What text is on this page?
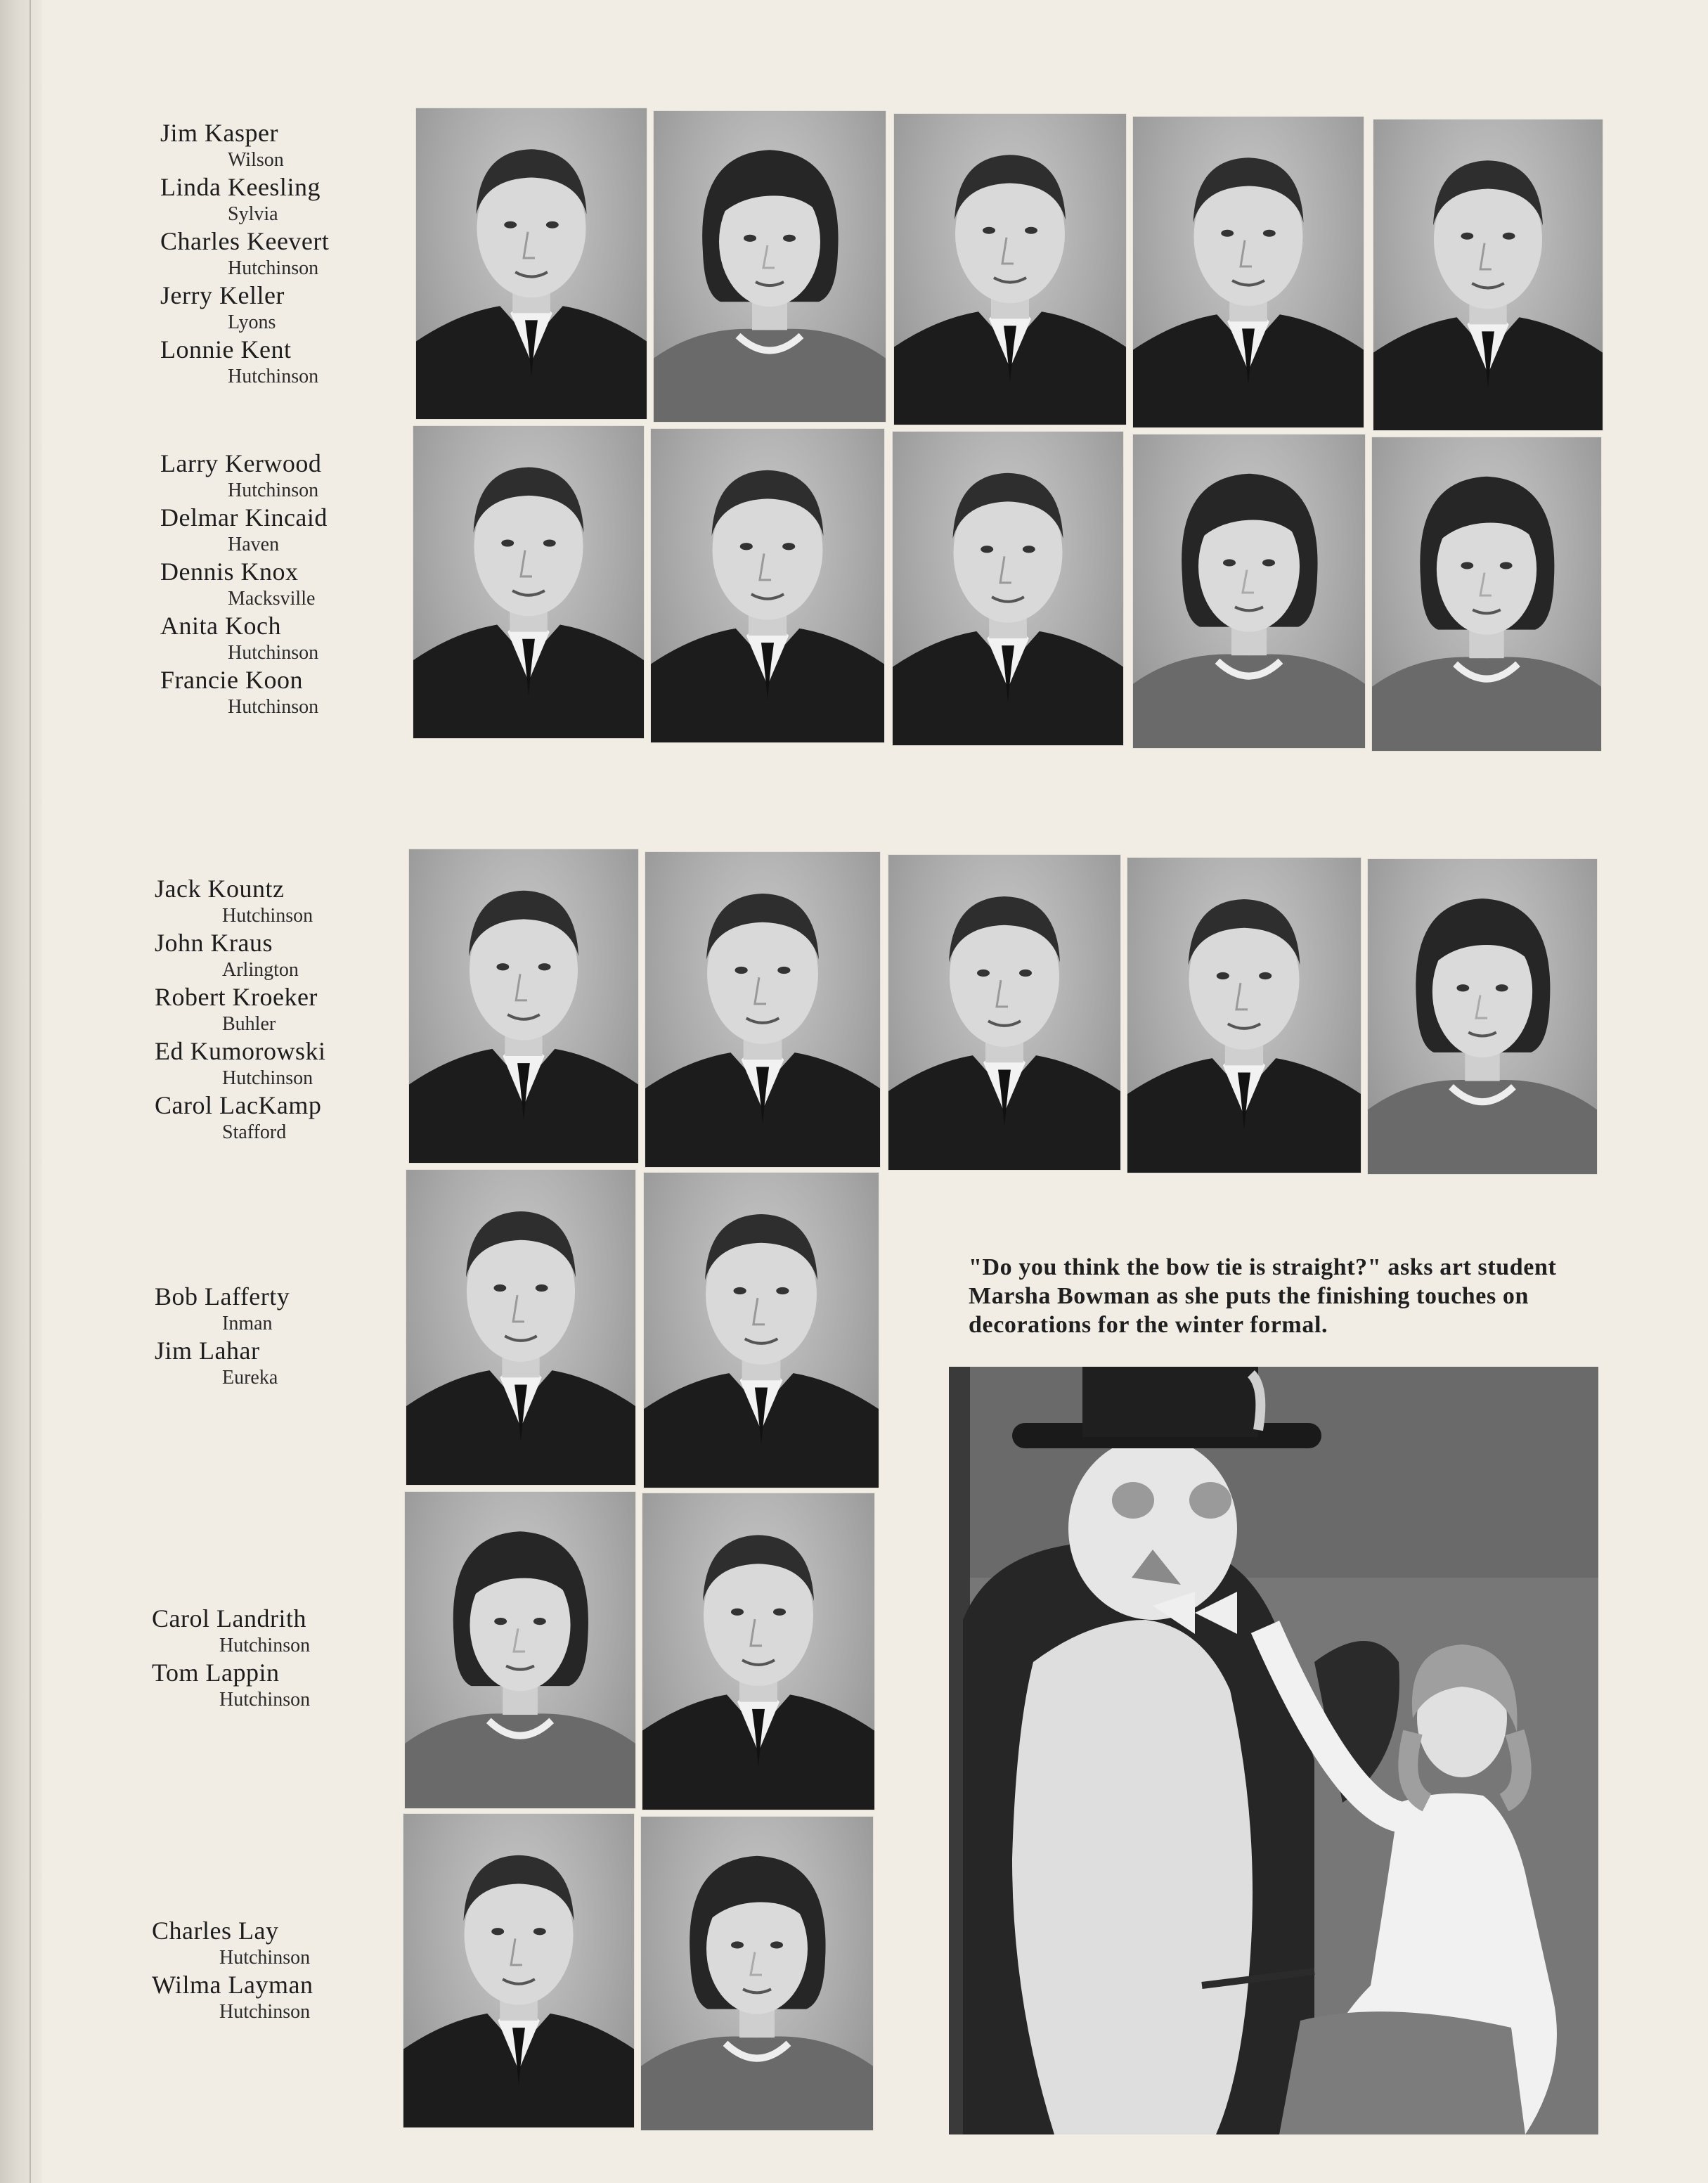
Jim Kasper
Wilson
Linda Keesling
Sylvia
Charles Keevert
Hutchinson
Jerry Keller
Lyons
Lonnie Kent
Hutchinson
Larry Kerwood
Hutchinson
Delmar Kincaid
Haven
Dennis Knox
Macksville
Anita Koch
Hutchinson
Francie Koon
Hutchinson
Jack Kountz
Hutchinson
John Kraus
Arlington
Robert Kroeker
Buhler
Ed Kumorowski
Hutchinson
Carol LacKamp
Stafford
Bob Lafferty
Inman
Jim Lahar
Eureka
Carol Landrith
Hutchinson
Tom Lappin
Hutchinson
Charles Lay
Hutchinson
Wilma Layman
Hutchinson
"Do you think the bow tie is straight?" asks art student Marsha Bowman as she puts the finishing touches on decorations for the winter formal.
